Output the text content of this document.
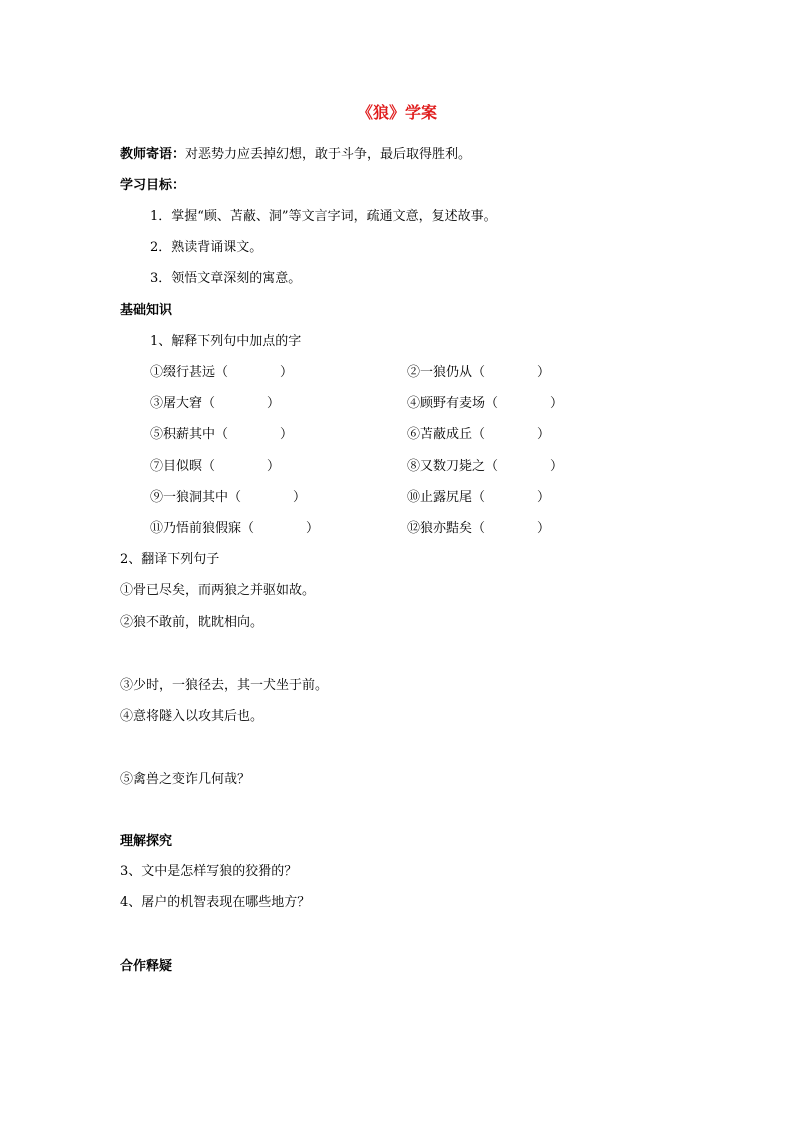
《狼》学案
教师寄语：对恶势力应丢掉幻想，敢于斗争，最后取得胜利。
学习目标：
1．掌握“顾、苫蔽、洞”等文言字词，疏通文意，复述故事。
2．熟读背诵课文。
3．领悟文章深刻的寓意。
基础知识
1、解释下列句中加点的字
①缀行甚远（　　　　）	②一狼仍从（　　　　）
③屠大窘（　　　　）	④顾野有麦场（　　　　）
⑤积薪其中（　　　　）	⑥苫蔽成丘（　　　　）
⑦目似暝（　　　　）	⑧又数刀毙之（　　　　）
⑨一狼洞其中（　　　　）	⑩止露尻尾（　　　　）
⑪乃悟前狼假寐（　　　　）	⑫狼亦黠矣（　　　　）
2、翻译下列句子
①骨已尽矣，而两狼之并驱如故。
②狼不敢前，眈眈相向。
③少时，一狼径去，其一犬坐于前。
④意将隧入以攻其后也。
⑤禽兽之变诈几何哉？
理解探究
3、文中是怎样写狼的狡猾的？
4、屠户的机智表现在哪些地方？
合作释疑
